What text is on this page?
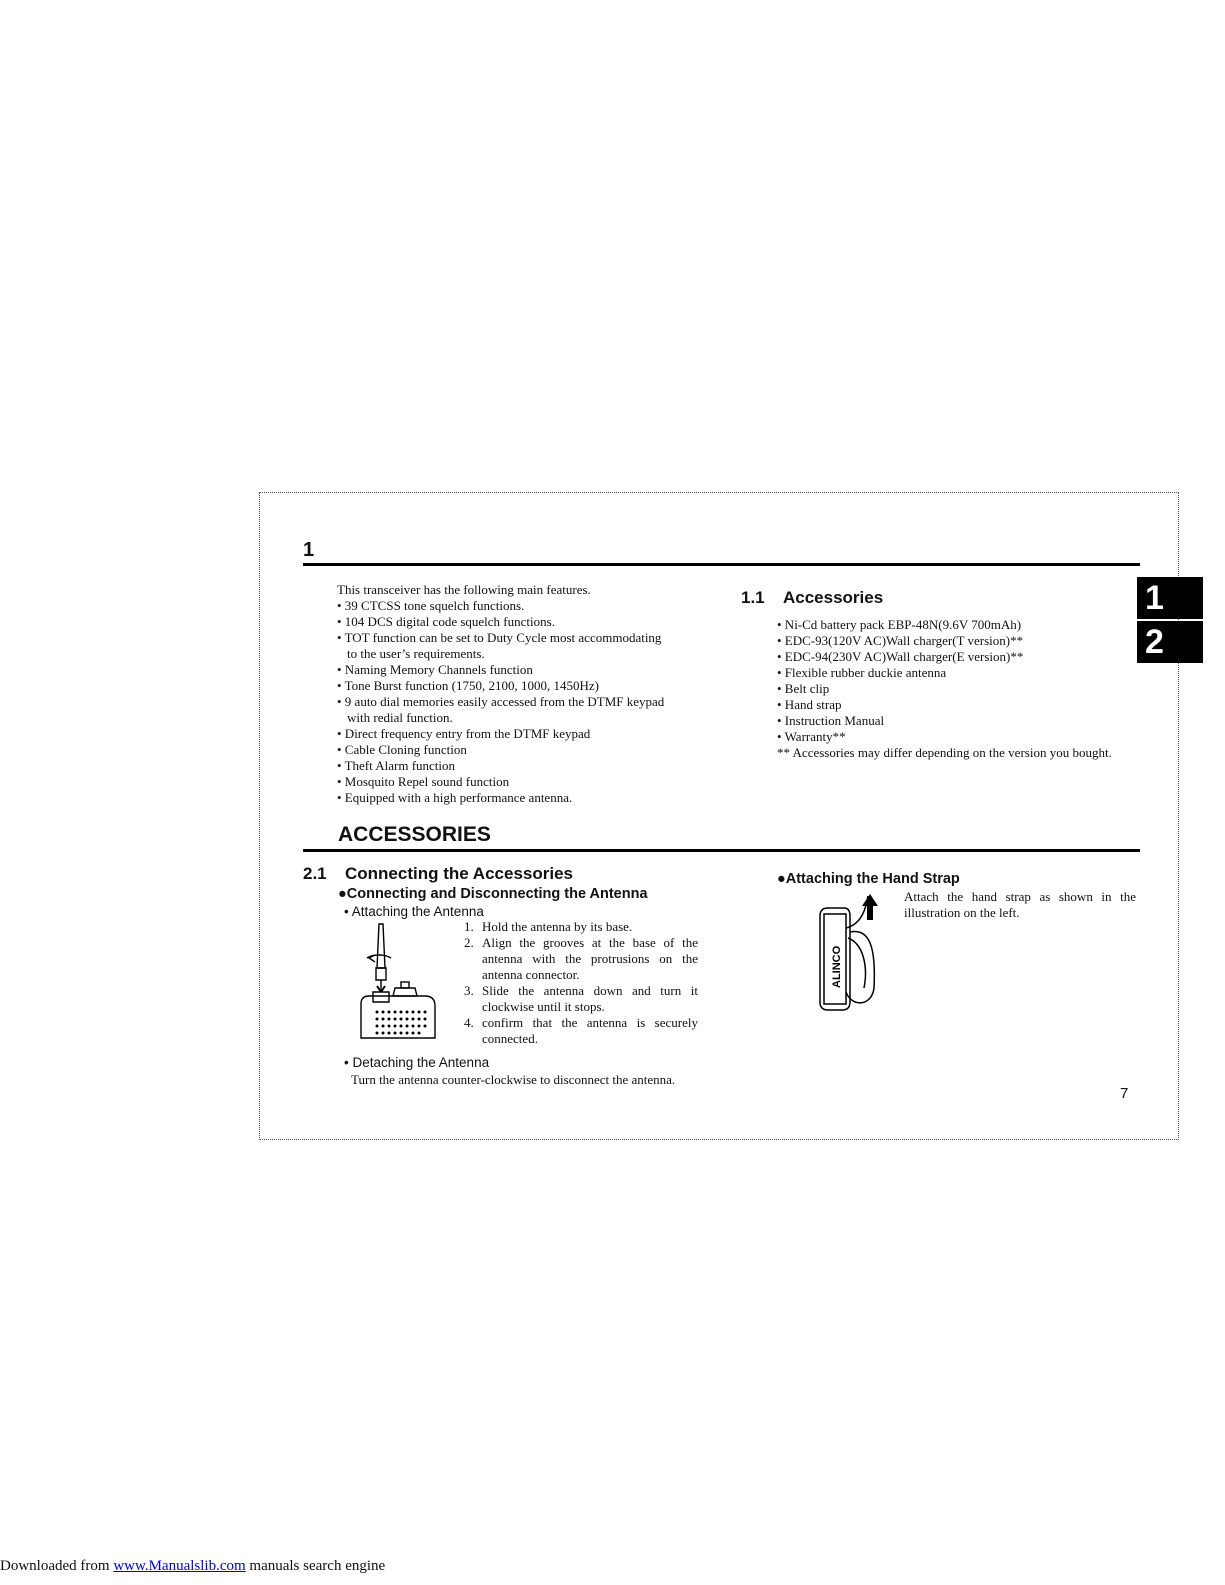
1
This transceiver has the following main features.
• 39 CTCSS tone squelch functions.
• 104 DCS digital code squelch functions.
• TOT function can be set to Duty Cycle most accommodating
to the user’s requirements.
• Naming Memory Channels function
• Tone Burst function (1750, 2100, 1000, 1450Hz)
• 9 auto dial memories easily accessed from the DTMF keypad
with redial function.
• Direct frequency entry from the DTMF keypad
• Cable Cloning function
• Theft Alarm function
• Mosquito Repel sound function
• Equipped with a high performance antenna.
1.1 Accessories
• Ni-Cd battery pack EBP-48N(9.6V 700mAh)
• EDC-93(120V AC)Wall charger(T version)**
• EDC-94(230V AC)Wall charger(E version)**
• Flexible rubber duckie antenna
• Belt clip
• Hand strap
• Instruction Manual
• Warranty**
** Accessories may differ depending on the version you bought.
1
2
ACCESSORIES
2.1 Connecting the Accessories
●Connecting and Disconnecting the Antenna
• Attaching the Antenna
1. Hold the antenna by its base.
2. Align the grooves at the base of the antenna with the protrusions on the antenna connector.
3. Slide the antenna down and turn it clockwise until it stops.
4. confirm that the antenna is securely connected.
• Detaching the Antenna
Turn the antenna counter-clockwise to disconnect the antenna.
●Attaching the Hand Strap
Attach the hand strap as shown in the illustration on the left.
ALINCO
7
Downloaded from www.Manualslib.com manuals search engine
